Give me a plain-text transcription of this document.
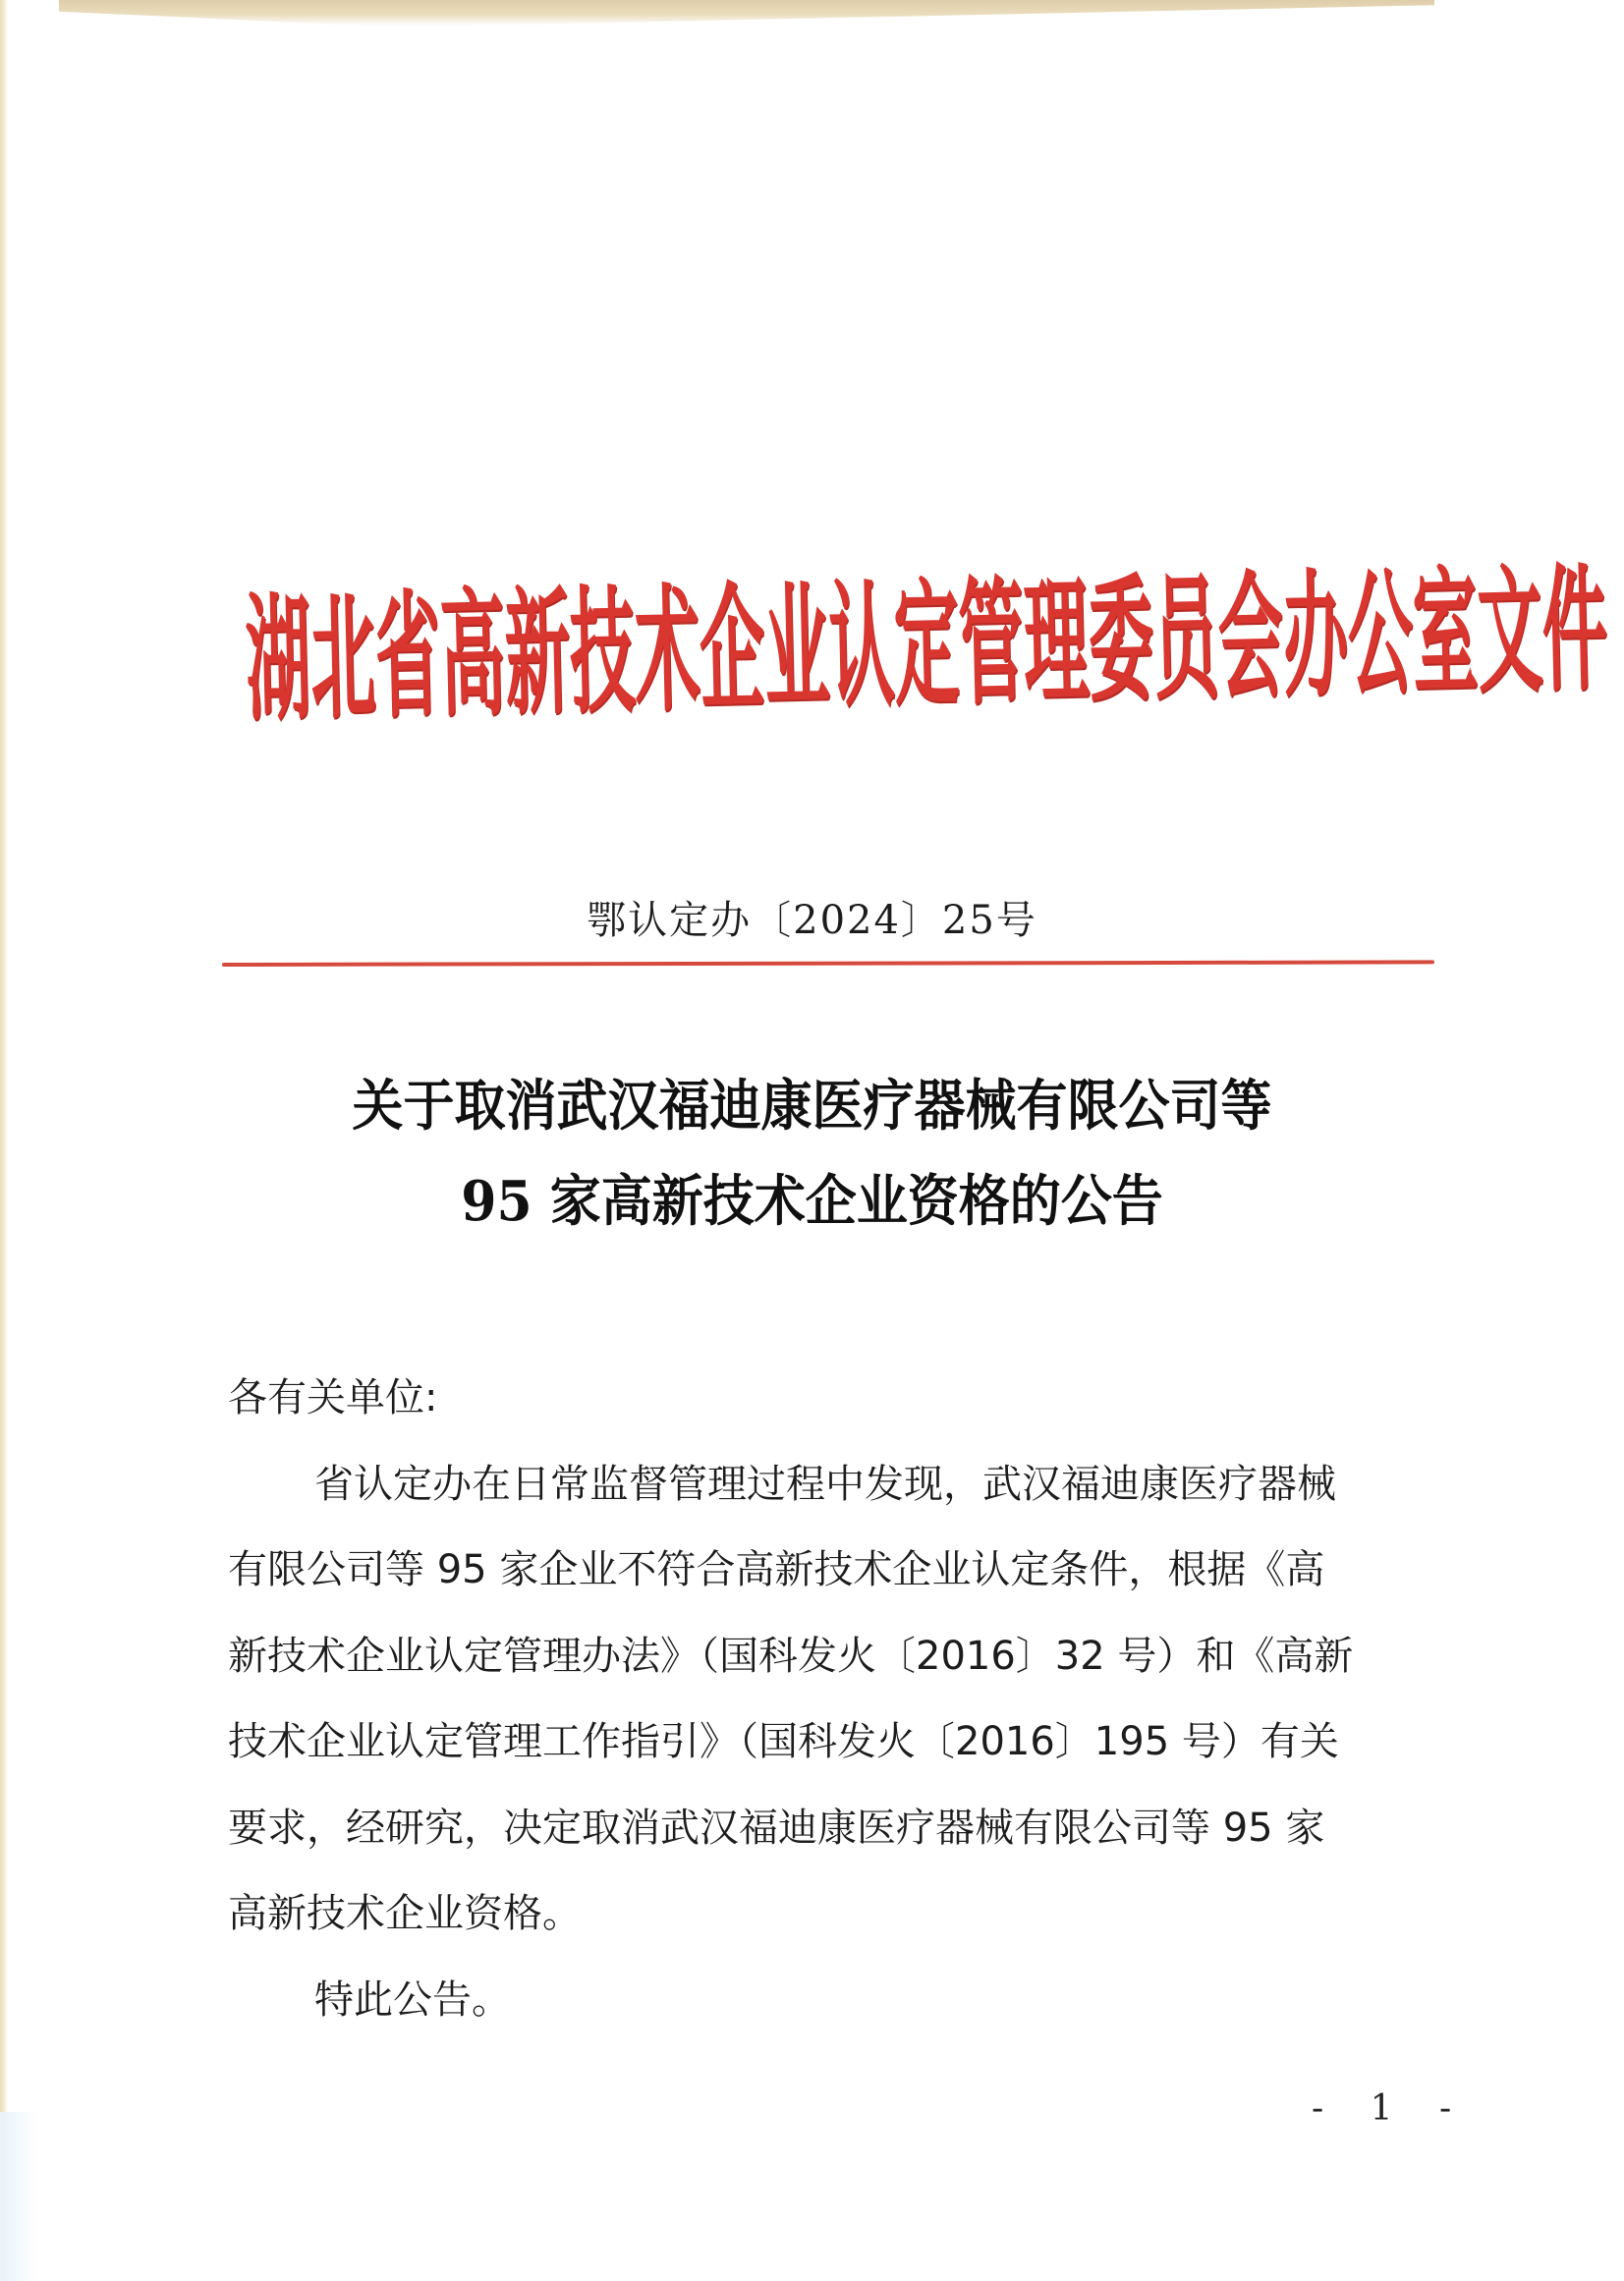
湖
北
省
高
新
技
术
企
业
认
定
管
理
委
员
会
办
公
室
文
件
鄂认定办〔2024〕25号
关于取消武汉福迪康医疗器械有限公司等
95 家高新技术企业资格的公告
各有关单位:
省认定办在日常监督管理过程中发现，武汉福迪康医疗器械
有限公司等 95 家企业不符合高新技术企业认定条件，根据《高
新技术企业认定管理办法》（国科发火〔2016〕32 号）和《高新
技术企业认定管理工作指引》（国科发火〔2016〕195 号）有关
要求，经研究，决定取消武汉福迪康医疗器械有限公司等 95 家
高新技术企业资格。
特此公告。
- 1 -
